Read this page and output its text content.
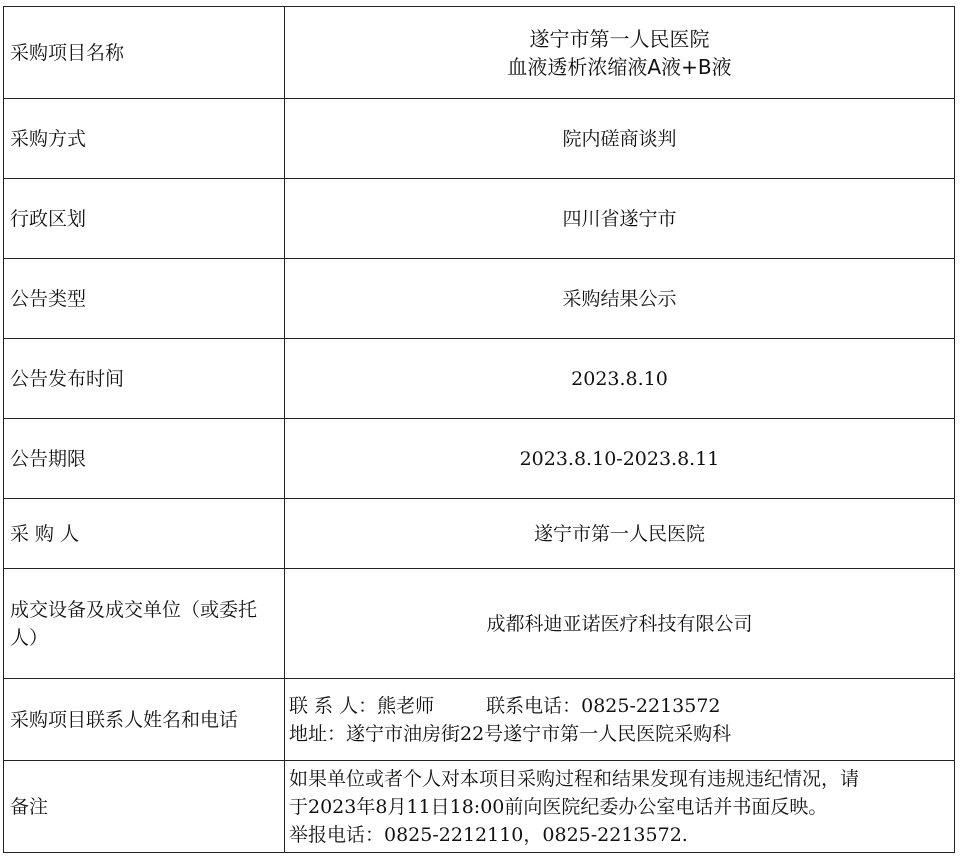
采购项目名称	遂宁市第一人民医院
血液透析浓缩液A液+B液

采购方式	院内磋商谈判
行政区划	四川省遂宁市
公告类型	采购结果公示
公告发布时间	2023.8.10
公告期限	2023.8.10-2023.8.11
采 购 人	遂宁市第一人民医院
成交设备及成交单位（或委托人）	成都科迪亚诺医疗科技有限公司
采购项目联系人姓名和电话	联 系 人：熊老师 联系电话：0825-2213572
地址：遂宁市油房街22号遂宁市第一人民医院采购科

备注	如果单位或者个人对本项目采购过程和结果发现有违规违纪情况，请
于2023年8月11日18:00前向医院纪委办公室电话并书面反映。
举报电话：0825-2212110，0825-2213572.
